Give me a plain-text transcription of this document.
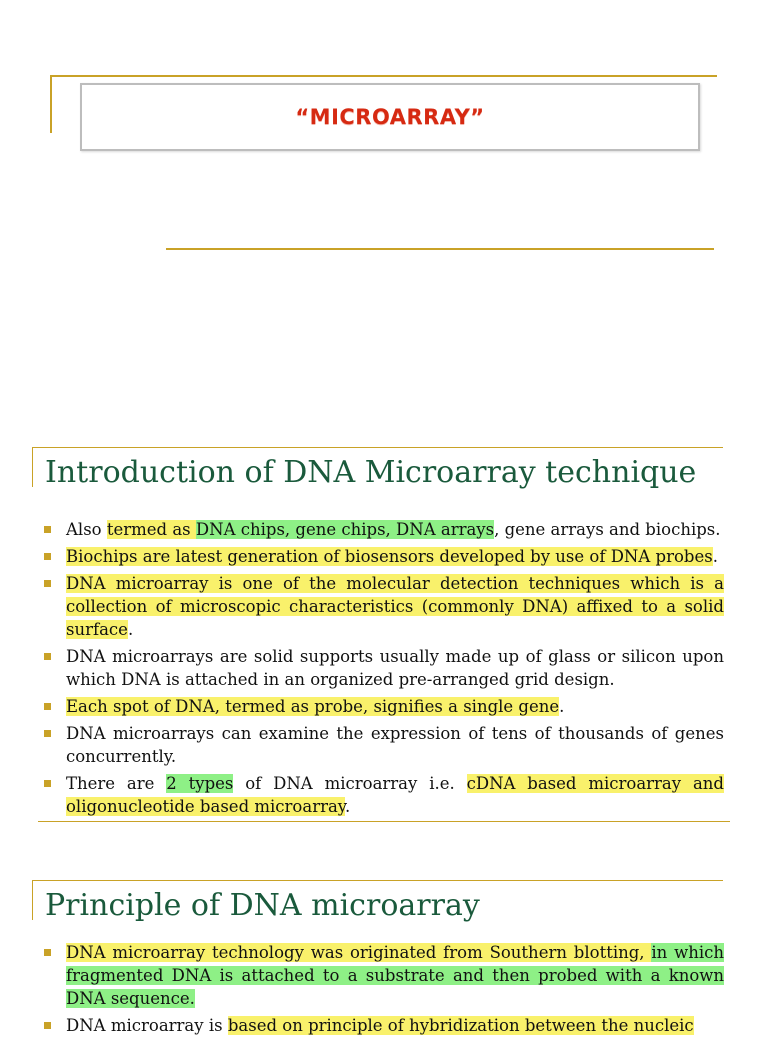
“MICROARRAY”
Introduction of DNA Microarray technique
Also termed as DNA chips, gene chips, DNA arrays, gene arrays and biochips.
Biochips are latest generation of biosensors developed by use of DNA probes.
DNA microarray is one of the molecular detection techniques which is a collection of microscopic characteristics (commonly DNA) affixed to a solid surface.
DNA microarrays are solid supports usually made up of glass or silicon upon which DNA is attached in an organized pre-arranged grid design.
Each spot of DNA, termed as probe, signifies a single gene.
DNA microarrays can examine the expression of tens of thousands of genes concurrently.
There are 2 types of DNA microarray i.e. cDNA based microarray and oligonucleotide based microarray.
Principle of DNA microarray
DNA microarray technology was originated from Southern blotting, in which fragmented DNA is attached to a substrate and then probed with a known DNA sequence.
DNA microarray is based on principle of hybridization between the nucleic
